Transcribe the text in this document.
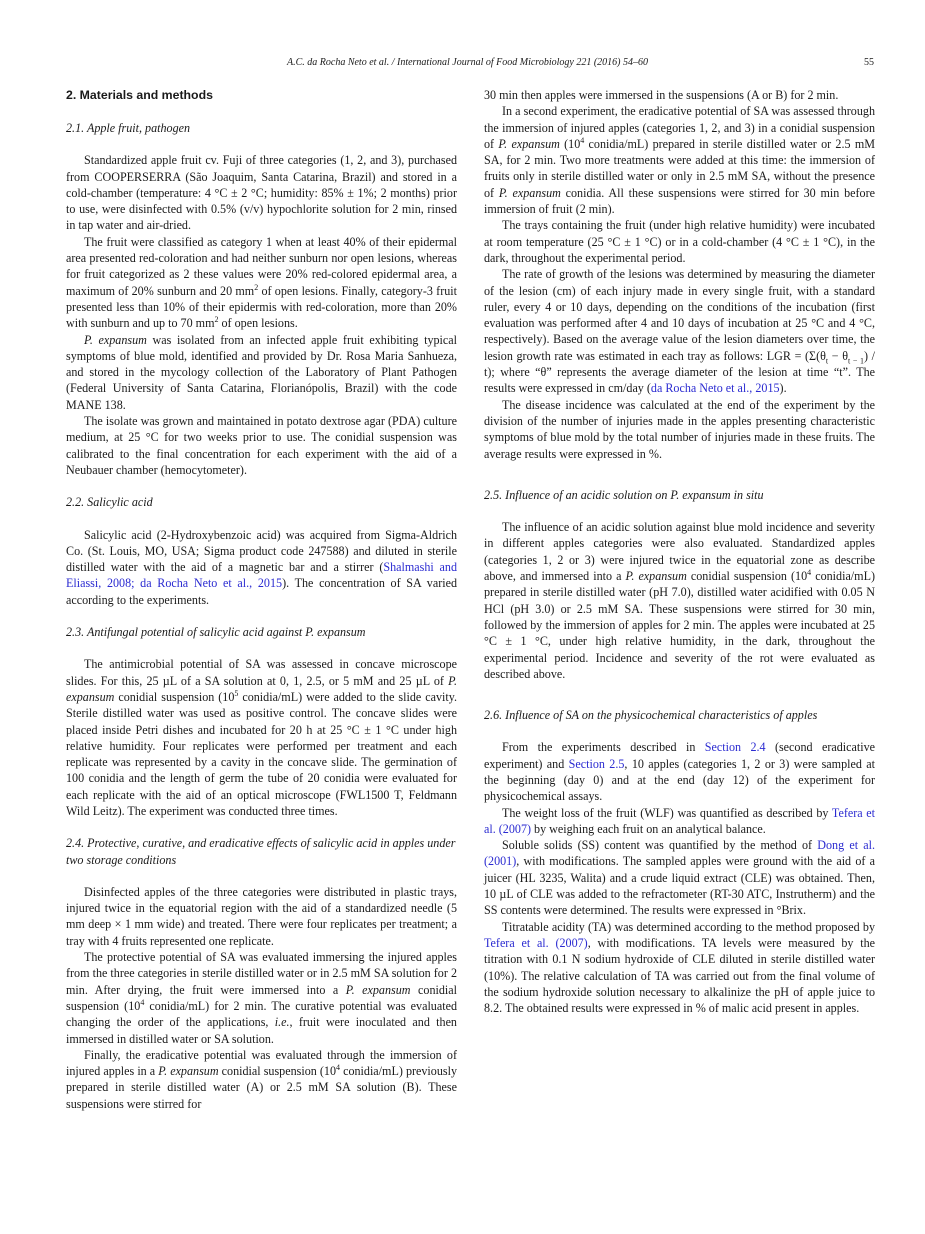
A.C. da Rocha Neto et al. / International Journal of Food Microbiology 221 (2016) 54–60	55
2. Materials and methods
2.1. Apple fruit, pathogen

Standardized apple fruit cv. Fuji of three categories (1, 2, and 3), purchased from COOPERSERRA (São Joaquim, Santa Catarina, Brazil) and stored in a cold-chamber (temperature: 4 °C ± 2 °C; humidity: 85% ± 1%; 2 months) prior to use, were disinfected with 0.5% (v/v) hypochlorite solution for 2 min, rinsed in tap water and air-dried.

The fruit were classified as category 1 when at least 40% of their epidermal area presented red-coloration and had neither sunburn nor open lesions, whereas for fruit categorized as 2 these values were 20% red-colored epidermal area, a maximum of 20% sunburn and 20 $mm^2$ of open lesions. Finally, category-3 fruit presented less than 10% of their epidermis with red-coloration, more than 20% with sunburn and up to 70 $mm^2$ of open lesions.

P. expansum was isolated from an infected apple fruit exhibiting typical symptoms of blue mold, identified and provided by Dr. Rosa Maria Sanhueza, and stored in the mycology collection of the Laboratory of Plant Pathogen (Federal University of Santa Catarina, Florianópolis, Brazil) with the code MANE 138.

The isolate was grown and maintained in potato dextrose agar (PDA) culture medium, at 25 °C for two weeks prior to use. The conidial suspension was calibrated to the final concentration for each experiment with the aid of a Neubauer chamber (hemocytometer).

2.2. Salicylic acid

Salicylic acid (2-Hydroxybenzoic acid) was acquired from Sigma-Aldrich Co. (St. Louis, MO, USA; Sigma product code 247588) and diluted in sterile distilled water with the aid of a magnetic bar and a stirrer (Shalmashi and Eliassi, 2008; da Rocha Neto et al., 2015). The concentration of SA varied according to the experiments.

2.3. Antifungal potential of salicylic acid against P. expansum

The antimicrobial potential of SA was assessed in concave microscope slides. For this, 25 µL of a SA solution at 0, 1, 2.5, or 5 mM and 25 µL of P. expansum conidial suspension ($10^5$ conidia/mL) were added to the slide cavity. Sterile distilled water was used as positive control. The concave slides were placed inside Petri dishes and incubated for 20 h at 25 °C ± 1 °C under high relative humidity. Four replicates were performed per treatment and each replicate was represented by a cavity in the concave slide. The germination of 100 conidia and the length of germ the tube of 20 conidia were evaluated for each replicate with the aid of an optical microscope (FWL1500 T, Feldmann Wild Leitz). The experiment was conducted three times.

2.4. Protective, curative, and eradicative effects of salicylic acid in apples under two storage conditions

Disinfected apples of the three categories were distributed in plastic trays, injured twice in the equatorial region with the aid of a standardized needle (5 mm deep × 1 mm wide) and treated. There were four replicates per treatment; a tray with 4 fruits represented one replicate.

The protective potential of SA was evaluated immersing the injured apples from the three categories in sterile distilled water or in 2.5 mM SA solution for 2 min. After drying, the fruit were immersed into a P. expansum conidial suspension ($10^4$ conidia/mL) for 2 min. The curative potential was evaluated changing the order of the applications, i.e., fruit were inoculated and then immersed in distilled water or SA solution.

Finally, the eradicative potential was evaluated through the immersion of injured apples in a P. expansum conidial suspension ($10^4$ conidia/mL) previously prepared in sterile distilled water (A) or 2.5 mM SA solution (B). These suspensions were stirred for

30 min then apples were immersed in the suspensions (A or B) for 2 min.

In a second experiment, the eradicative potential of SA was assessed through the immersion of injured apples (categories 1, 2, and 3) in a conidial suspension of P. expansum ($10^4$ conidia/mL) prepared in sterile distilled water or 2.5 mM SA, for 2 min. Two more treatments were added at this time: the immersion of fruits only in sterile distilled water or only in 2.5 mM SA, without the presence of P. expansum conidia. All these suspensions were stirred for 30 min before immersion of fruit (2 min).

The trays containing the fruit (under high relative humidity) were incubated at room temperature (25 °C ± 1 °C) or in a cold-chamber (4 °C ± 1 °C), in the dark, throughout the experimental period.

The rate of growth of the lesions was determined by measuring the diameter of the lesion (cm) of each injury made in every single fruit, with a standard ruler, every 4 or 10 days, depending on the conditions of the incubation (first evaluation was performed after 4 and 10 days of incubation at 25 °C and 4 °C, respectively). Based on the average value of the lesion diameters over time, the lesion growth rate was estimated in each tray as follows: LGR = $(\Sigma(\theta_t - \theta_{t - 1}) / t)$; where “θ” represents the average diameter of the lesion at time “t”. The results were expressed in cm/day (da Rocha Neto et al., 2015).

The disease incidence was calculated at the end of the experiment by the division of the number of injuries made in the apples presenting characteristic symptoms of blue mold by the total number of injuries made in these fruits. The average results were expressed in %.

2.5. Influence of an acidic solution on P. expansum in situ

The influence of an acidic solution against blue mold incidence and severity in different apples categories were also evaluated. Standardized apples (categories 1, 2 or 3) were injured twice in the equatorial zone as describe above, and immersed into a P. expansum conidial suspension ($10^4$ conidia/mL) prepared in sterile distilled water (pH 7.0), distilled water acidified with 0.05 N HCl (pH 3.0) or 2.5 mM SA. These suspensions were stirred for 30 min, followed by the immersion of apples for 2 min. The apples were incubated at 25 °C ± 1 °C, under high relative humidity, in the dark, throughout the experimental period. Incidence and severity of the rot were evaluated as described above.

2.6. Influence of SA on the physicochemical characteristics of apples

From the experiments described in Section 2.4 (second eradicative experiment) and Section 2.5, 10 apples (categories 1, 2 or 3) were sampled at the beginning (day 0) and at the end (day 12) of the experiment for physicochemical assays.

The weight loss of the fruit (WLF) was quantified as described by Tefera et al. (2007) by weighing each fruit on an analytical balance.

Soluble solids (SS) content was quantified by the method of Dong et al. (2001), with modifications. The sampled apples were ground with the aid of a juicer (HL 3235, Walita) and a crude liquid extract (CLE) was obtained. Then, 10 µL of CLE was added to the refractometer (RT-30 ATC, Instrutherm) and the SS contents were determined. The results were expressed in °Brix.

Titratable acidity (TA) was determined according to the method proposed by Tefera et al. (2007), with modifications. TA levels were measured by the titration with 0.1 N sodium hydroxide of CLE diluted in sterile distilled water (10%). The relative calculation of TA was carried out from the final volume of the sodium hydroxide solution necessary to alkalinize the pH of apple juice to 8.2. The obtained results were expressed in % of malic acid present in apples.
